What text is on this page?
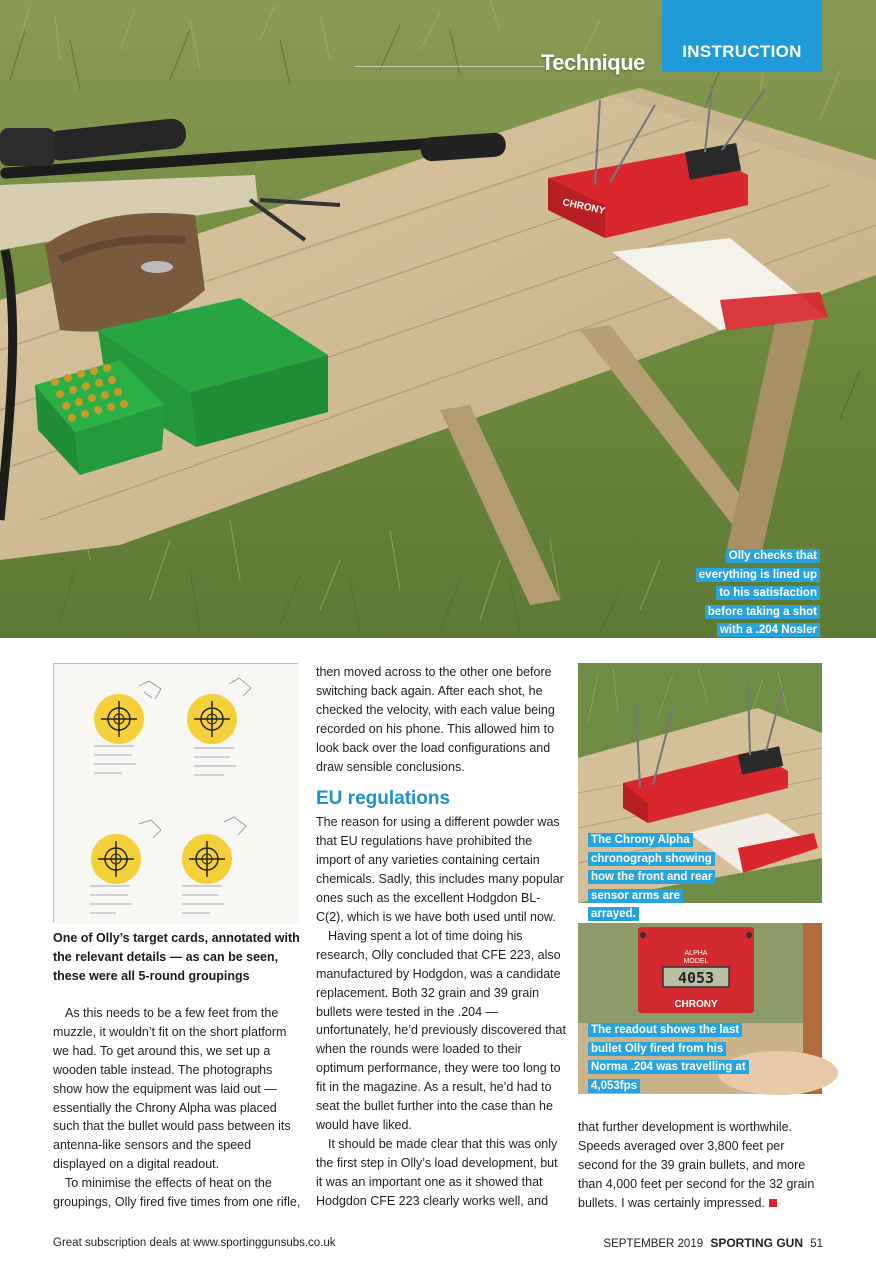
CHRONY
Technique	INSTRUCTION
Olly checks that everything is lined up to his satisfaction before taking a shot with a .204 Nosler
One of Olly’s target cards, annotated with the relevant details — as can be seen, these were all 5-round groupings

As this needs to be a few feet from the muzzle, it wouldn’t fit on the short platform we had. To get around this, we set up a wooden table instead. The photographs show how the equipment was laid out — essentially the Chrony Alpha was placed such that the bullet would pass between its antenna-like sensors and the speed displayed on a digital readout.

To minimise the effects of heat on the groupings, Olly fired five times from one rifle,

then moved across to the other one before switching back again. After each shot, he checked the velocity, with each value being recorded on his phone. This allowed him to look back over the load configurations and draw sensible conclusions.

EU regulations

The reason for using a different powder was that EU regulations have prohibited the import of any varieties containing certain chemicals. Sadly, this includes many popular ones such as the excellent Hodgdon BL-C(2), which is we have both used until now.

Having spent a lot of time doing his research, Olly concluded that CFE 223, also manufactured by Hodgdon, was a candidate replacement. Both 32 grain and 39 grain bullets were tested in the .204 — unfortunately, he’d previously discovered that when the rounds were loaded to their optimum performance, they were too long to fit in the magazine. As a result, he’d had to seat the bullet further into the case than he would have liked.

It should be made clear that this was only the first step in Olly’s load development, but it was an important one as it showed that Hodgdon CFE 223 clearly works well, and

that further development is worthwhile. Speeds averaged over 3,800 feet per second for the 39 grain bullets, and more than 4,000 feet per second for the 32 grain bullets. I was certainly impressed.

The Chrony Alpha chronograph showing how the front and rear sensor arms are arrayed.
ALPHA
MODEL
4053
CHRONY
The readout shows the last bullet Olly fired from his Norma .204 was travelling at 4,053fps
Great subscription deals at www.sportinggunsubs.co.uk	SEPTEMBER 2019 SPORTING GUN 51
